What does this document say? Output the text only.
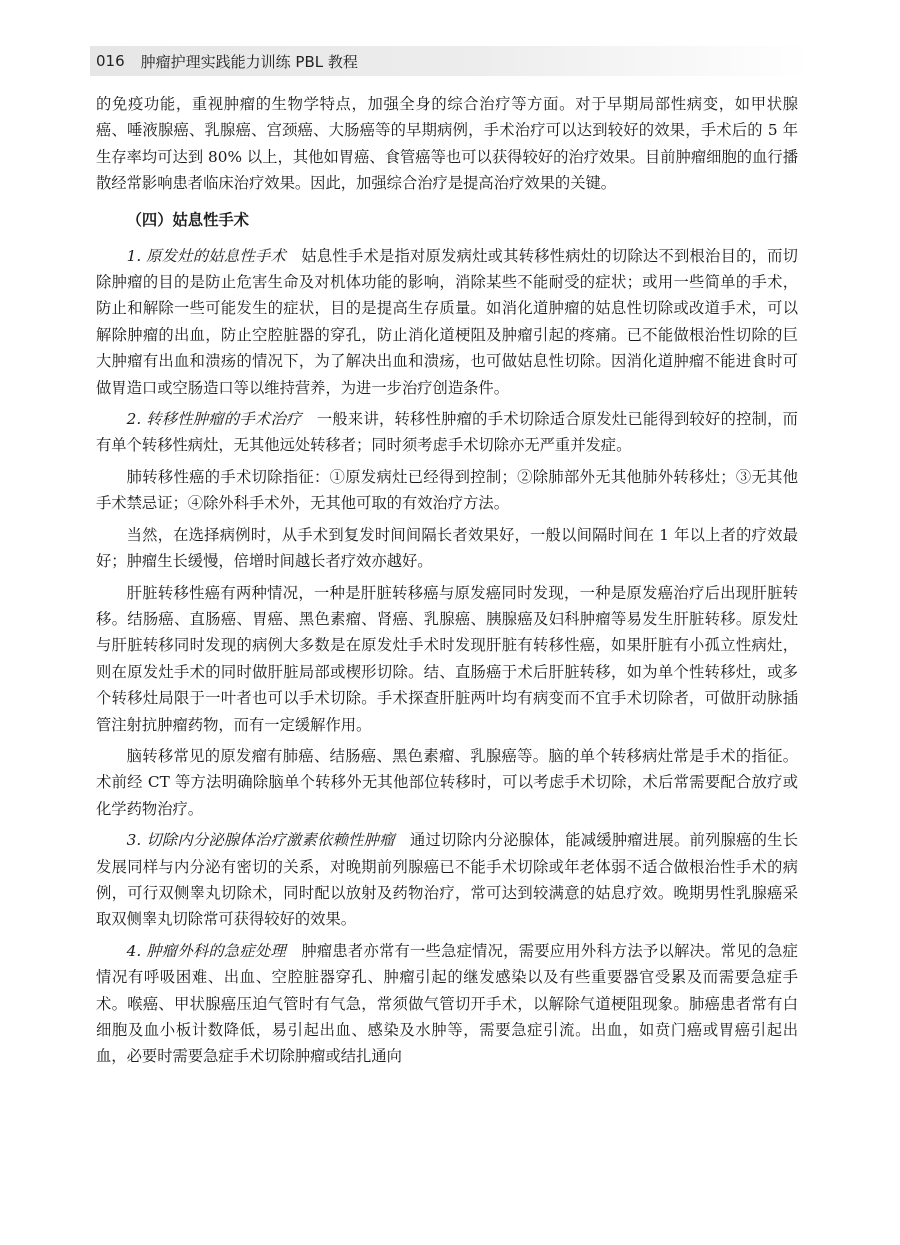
016 肿瘤护理实践能力训练 PBL 教程

的免疫功能，重视肿瘤的生物学特点，加强全身的综合治疗等方面。对于早期局部性病变，如甲状腺癌、唾液腺癌、乳腺癌、宫颈癌、大肠癌等的早期病例，手术治疗可以达到较好的效果，手术后的 5 年生存率均可达到 80% 以上，其他如胃癌、食管癌等也可以获得较好的治疗效果。目前肿瘤细胞的血行播散经常影响患者临床治疗效果。因此，加强综合治疗是提高治疗效果的关键。

（四）姑息性手术

1. 原发灶的姑息性手术 姑息性手术是指对原发病灶或其转移性病灶的切除达不到根治目的，而切除肿瘤的目的是防止危害生命及对机体功能的影响，消除某些不能耐受的症状；或用一些简单的手术，防止和解除一些可能发生的症状，目的是提高生存质量。如消化道肿瘤的姑息性切除或改道手术，可以解除肿瘤的出血，防止空腔脏器的穿孔，防止消化道梗阻及肿瘤引起的疼痛。已不能做根治性切除的巨大肿瘤有出血和溃疡的情况下，为了解决出血和溃疡，也可做姑息性切除。因消化道肿瘤不能进食时可做胃造口或空肠造口等以维持营养，为进一步治疗创造条件。

2. 转移性肿瘤的手术治疗 一般来讲，转移性肿瘤的手术切除适合原发灶已能得到较好的控制，而有单个转移性病灶，无其他远处转移者；同时须考虑手术切除亦无严重并发症。

肺转移性癌的手术切除指征：①原发病灶已经得到控制；②除肺部外无其他肺外转移灶；③无其他手术禁忌证；④除外科手术外，无其他可取的有效治疗方法。

当然，在选择病例时，从手术到复发时间间隔长者效果好，一般以间隔时间在 1 年以上者的疗效最好；肿瘤生长缓慢，倍增时间越长者疗效亦越好。

肝脏转移性癌有两种情况，一种是肝脏转移癌与原发癌同时发现，一种是原发癌治疗后出现肝脏转移。结肠癌、直肠癌、胃癌、黑色素瘤、肾癌、乳腺癌、胰腺癌及妇科肿瘤等易发生肝脏转移。原发灶与肝脏转移同时发现的病例大多数是在原发灶手术时发现肝脏有转移性癌，如果肝脏有小孤立性病灶，则在原发灶手术的同时做肝脏局部或楔形切除。结、直肠癌于术后肝脏转移，如为单个性转移灶，或多个转移灶局限于一叶者也可以手术切除。手术探查肝脏两叶均有病变而不宜手术切除者，可做肝动脉插管注射抗肿瘤药物，而有一定缓解作用。

脑转移常见的原发瘤有肺癌、结肠癌、黑色素瘤、乳腺癌等。脑的单个转移病灶常是手术的指征。术前经 CT 等方法明确除脑单个转移外无其他部位转移时，可以考虑手术切除，术后常需要配合放疗或化学药物治疗。

3. 切除内分泌腺体治疗激素依赖性肿瘤 通过切除内分泌腺体，能减缓肿瘤进展。前列腺癌的生长发展同样与内分泌有密切的关系，对晚期前列腺癌已不能手术切除或年老体弱不适合做根治性手术的病例，可行双侧睾丸切除术，同时配以放射及药物治疗，常可达到较满意的姑息疗效。晚期男性乳腺癌采取双侧睾丸切除常可获得较好的效果。

4. 肿瘤外科的急症处理 肿瘤患者亦常有一些急症情况，需要应用外科方法予以解决。常见的急症情况有呼吸困难、出血、空腔脏器穿孔、肿瘤引起的继发感染以及有些重要器官受累及而需要急症手术。喉癌、甲状腺癌压迫气管时有气急，常须做气管切开手术，以解除气道梗阻现象。肺癌患者常有白细胞及血小板计数降低，易引起出血、感染及水肿等，需要急症引流。出血，如贲门癌或胃癌引起出血，必要时需要急症手术切除肿瘤或结扎通向
